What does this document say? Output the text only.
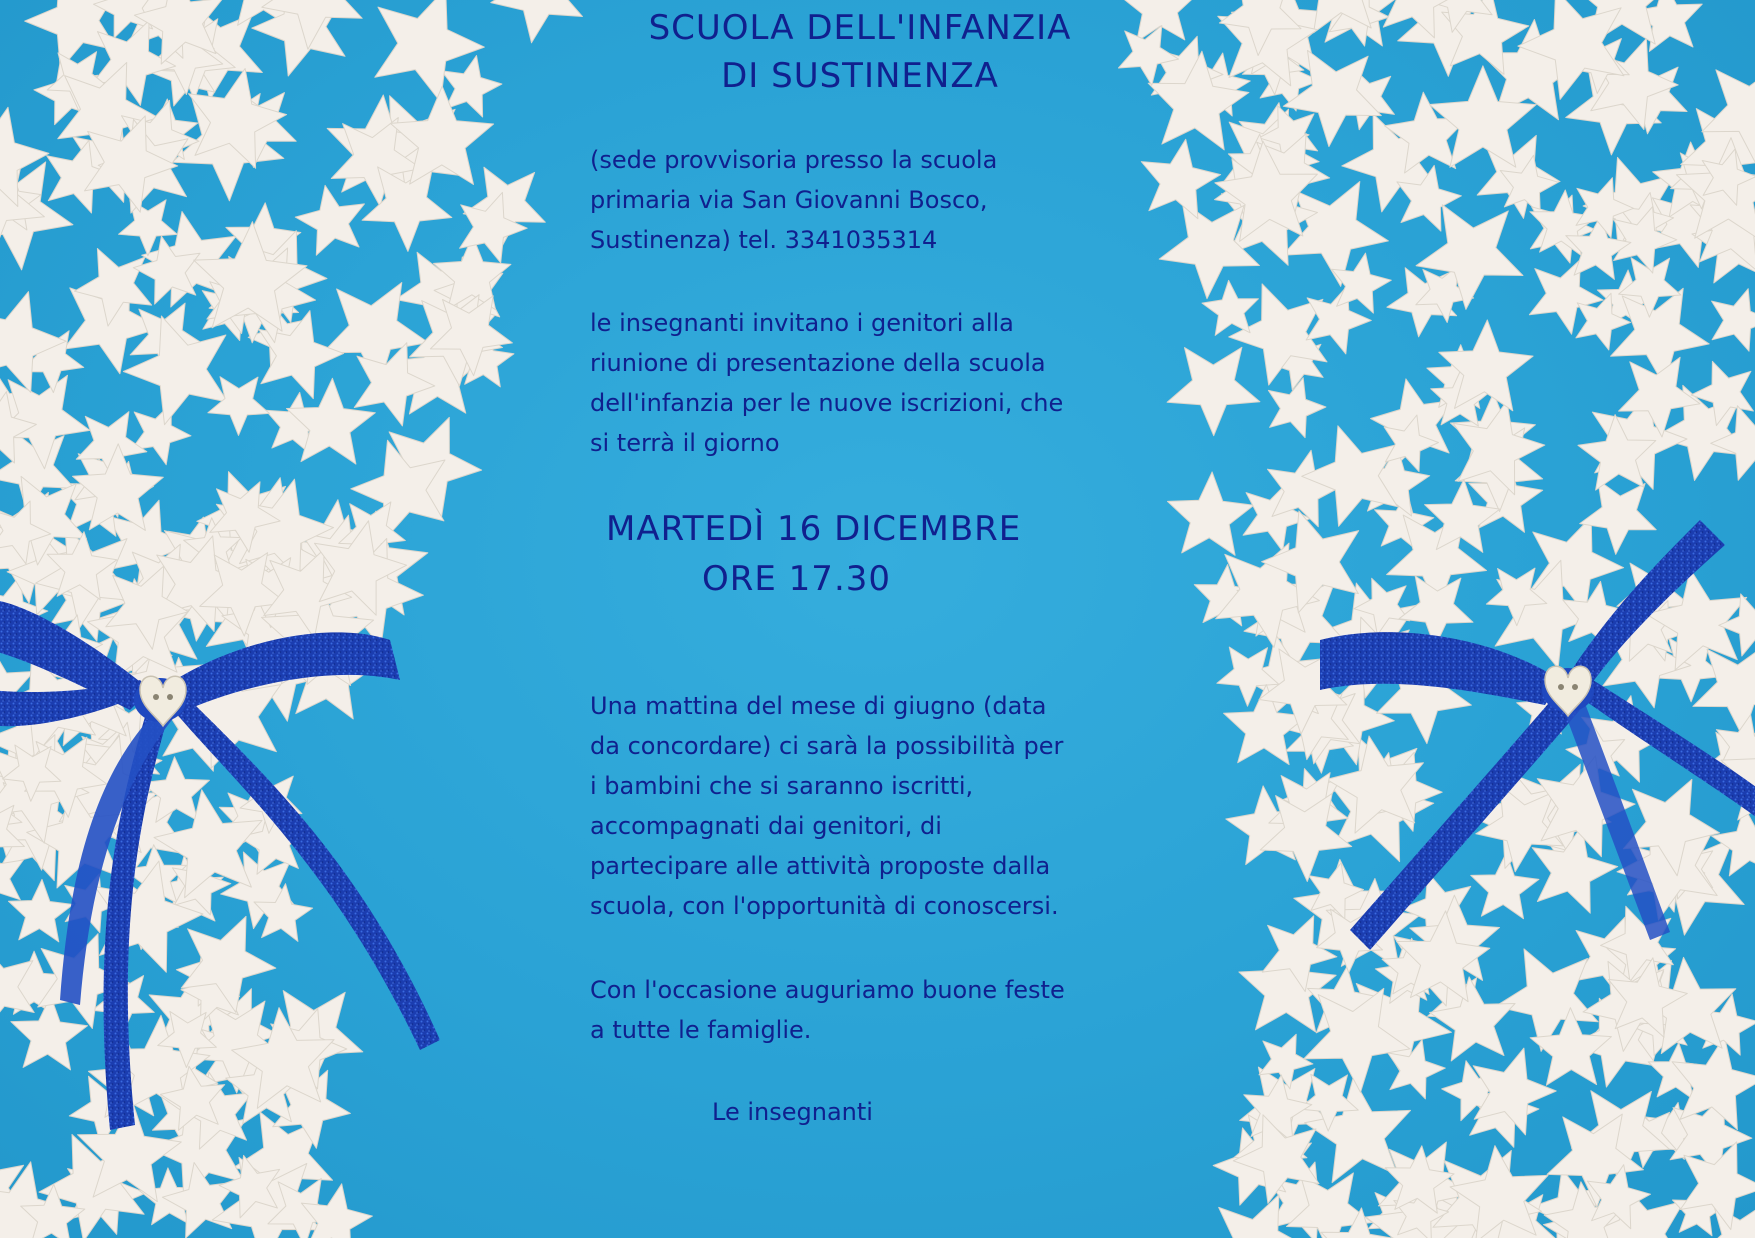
SCUOLA DELL'INFANZIA
DI SUSTINENZA
(sede provvisoria presso la scuola
primaria via San Giovanni Bosco,
Sustinenza) tel. 3341035314
le insegnanti invitano i genitori alla
riunione di presentazione della scuola
dell'infanzia per le nuove iscrizioni, che
si terrà il giorno
MARTEDÌ 16 DICEMBRE
ORE 17.30
Una mattina del mese di giugno (data
da concordare) ci sarà la possibilità per
i bambini che si saranno iscritti,
accompagnati dai genitori, di
partecipare alle attività proposte dalla
scuola, con l'opportunità di conoscersi.
Con l'occasione auguriamo buone feste
a tutte le famiglie.
Le insegnanti
